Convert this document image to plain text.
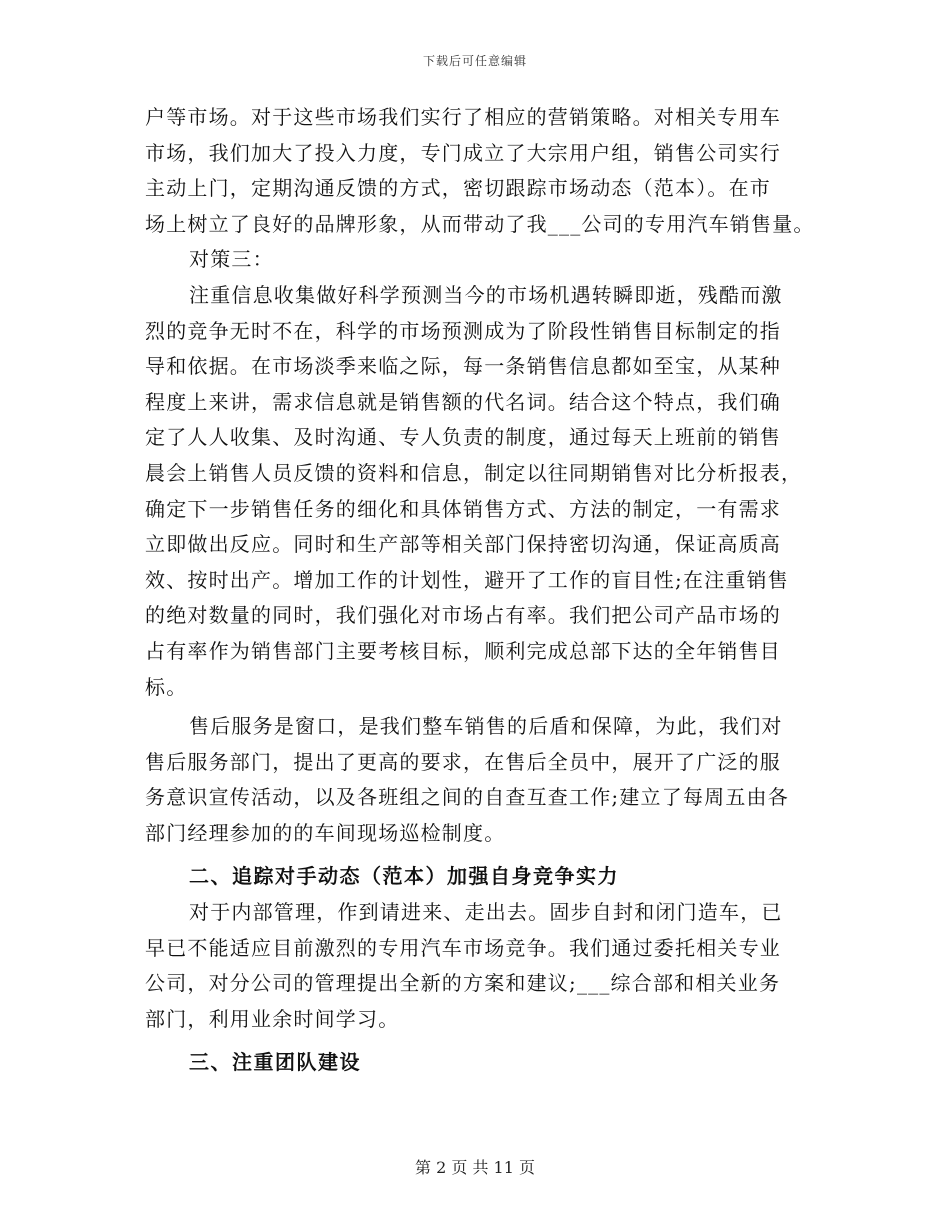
下载后可任意编辑
户等市场。对于这些市场我们实行了相应的营销策略。对相关专用车
市场，我们加大了投入力度，专门成立了大宗用户组，销售公司实行
主动上门，定期沟通反馈的方式，密切跟踪市场动态（范本）。在市
场上树立了良好的品牌形象，从而带动了我___公司的专用汽车销售量。
对策三：
注重信息收集做好科学预测当今的市场机遇转瞬即逝，残酷而激
烈的竞争无时不在，科学的市场预测成为了阶段性销售目标制定的指
导和依据。在市场淡季来临之际，每一条销售信息都如至宝，从某种
程度上来讲，需求信息就是销售额的代名词。结合这个特点，我们确
定了人人收集、及时沟通、专人负责的制度，通过每天上班前的销售
晨会上销售人员反馈的资料和信息，制定以往同期销售对比分析报表，
确定下一步销售任务的细化和具体销售方式、方法的制定，一有需求
立即做出反应。同时和生产部等相关部门保持密切沟通，保证高质高
效、按时出产。增加工作的计划性，避开了工作的盲目性;在注重销售
的绝对数量的同时，我们强化对市场占有率。我们把公司产品市场的
占有率作为销售部门主要考核目标，顺利完成总部下达的全年销售目
标。
售后服务是窗口，是我们整车销售的后盾和保障，为此，我们对
售后服务部门，提出了更高的要求，在售后全员中，展开了广泛的服
务意识宣传活动，以及各班组之间的自查互查工作;建立了每周五由各
部门经理参加的的车间现场巡检制度。
二、追踪对手动态（范本）加强自身竞争实力
对于内部管理，作到请进来、走出去。固步自封和闭门造车，已
早已不能适应目前激烈的专用汽车市场竞争。我们通过委托相关专业
公司，对分公司的管理提出全新的方案和建议;___综合部和相关业务
部门，利用业余时间学习。
三、注重团队建设
第 2 页 共 11 页
